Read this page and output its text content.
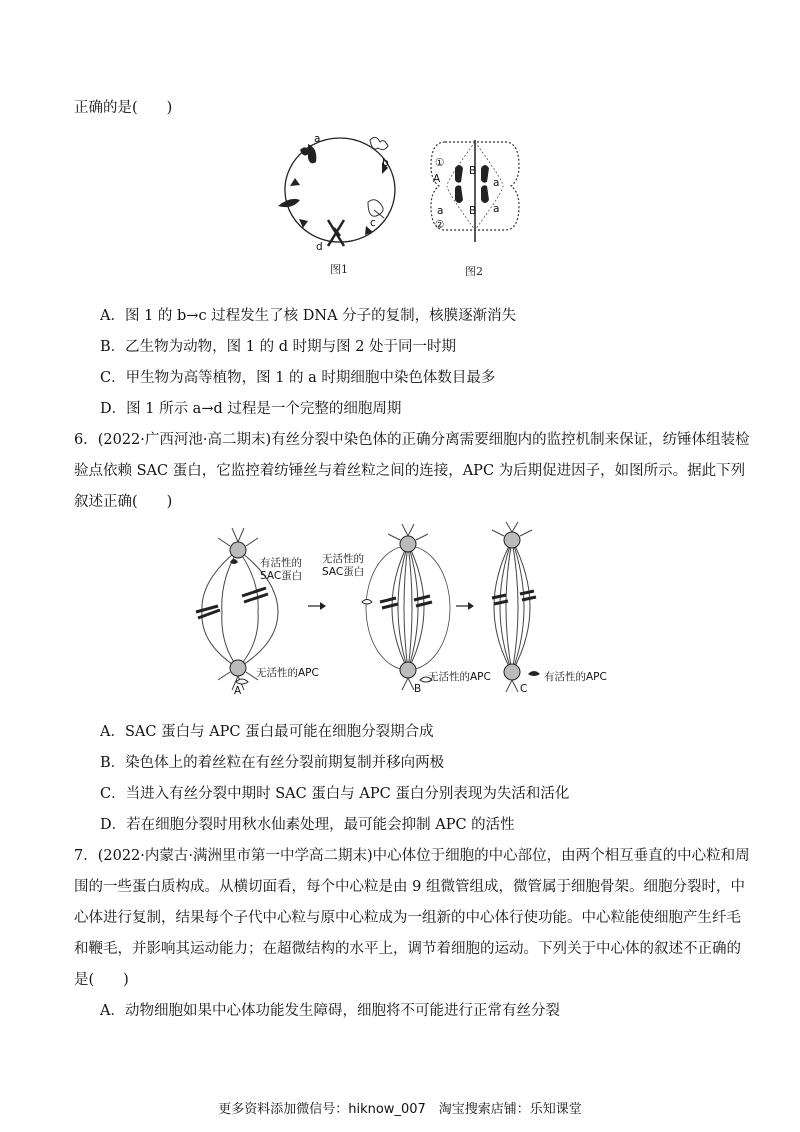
正确的是(　　)
a
b
c
d
图1
①
②
A
B
a
a B a
图2
A．图 1 的 b→c 过程发生了核 DNA 分子的复制，核膜逐渐消失
B．乙生物为动物，图 1 的 d 时期与图 2 处于同一时期
C．甲生物为高等植物，图 1 的 a 时期细胞中染色体数目最多
D．图 1 所示 a→d 过程是一个完整的细胞周期
6．(2022·广西河池·高二期末)有丝分裂中染色体的正确分离需要细胞内的监控机制来保证，纺锤体组装检
验点依赖 SAC 蛋白，它监控着纺锤丝与着丝粒之间的连接，APC 为后期促进因子，如图所示。据此下列
叙述正确(　　)
有活性的
SAC蛋白
无活性的APC
A
无活性的
SAC蛋白
无活性的APC
B
有活性的APC
C
A．SAC 蛋白与 APC 蛋白最可能在细胞分裂期合成
B．染色体上的着丝粒在有丝分裂前期复制并移向两极
C．当进入有丝分裂中期时 SAC 蛋白与 APC 蛋白分别表现为失活和活化
D．若在细胞分裂时用秋水仙素处理，最可能会抑制 APC 的活性
7．(2022·内蒙古·满洲里市第一中学高二期末)中心体位于细胞的中心部位，由两个相互垂直的中心粒和周
围的一些蛋白质构成。从横切面看，每个中心粒是由 9 组微管组成，微管属于细胞骨架。细胞分裂时，中
心体进行复制，结果每个子代中心粒与原中心粒成为一组新的中心体行使功能。中心粒能使细胞产生纤毛
和鞭毛，并影响其运动能力；在超微结构的水平上，调节着细胞的运动。下列关于中心体的叙述不正确的
是(　　)
A．动物细胞如果中心体功能发生障碍，细胞将不可能进行正常有丝分裂
更多资料添加微信号：hiknow_007　淘宝搜索店铺：乐知课堂
